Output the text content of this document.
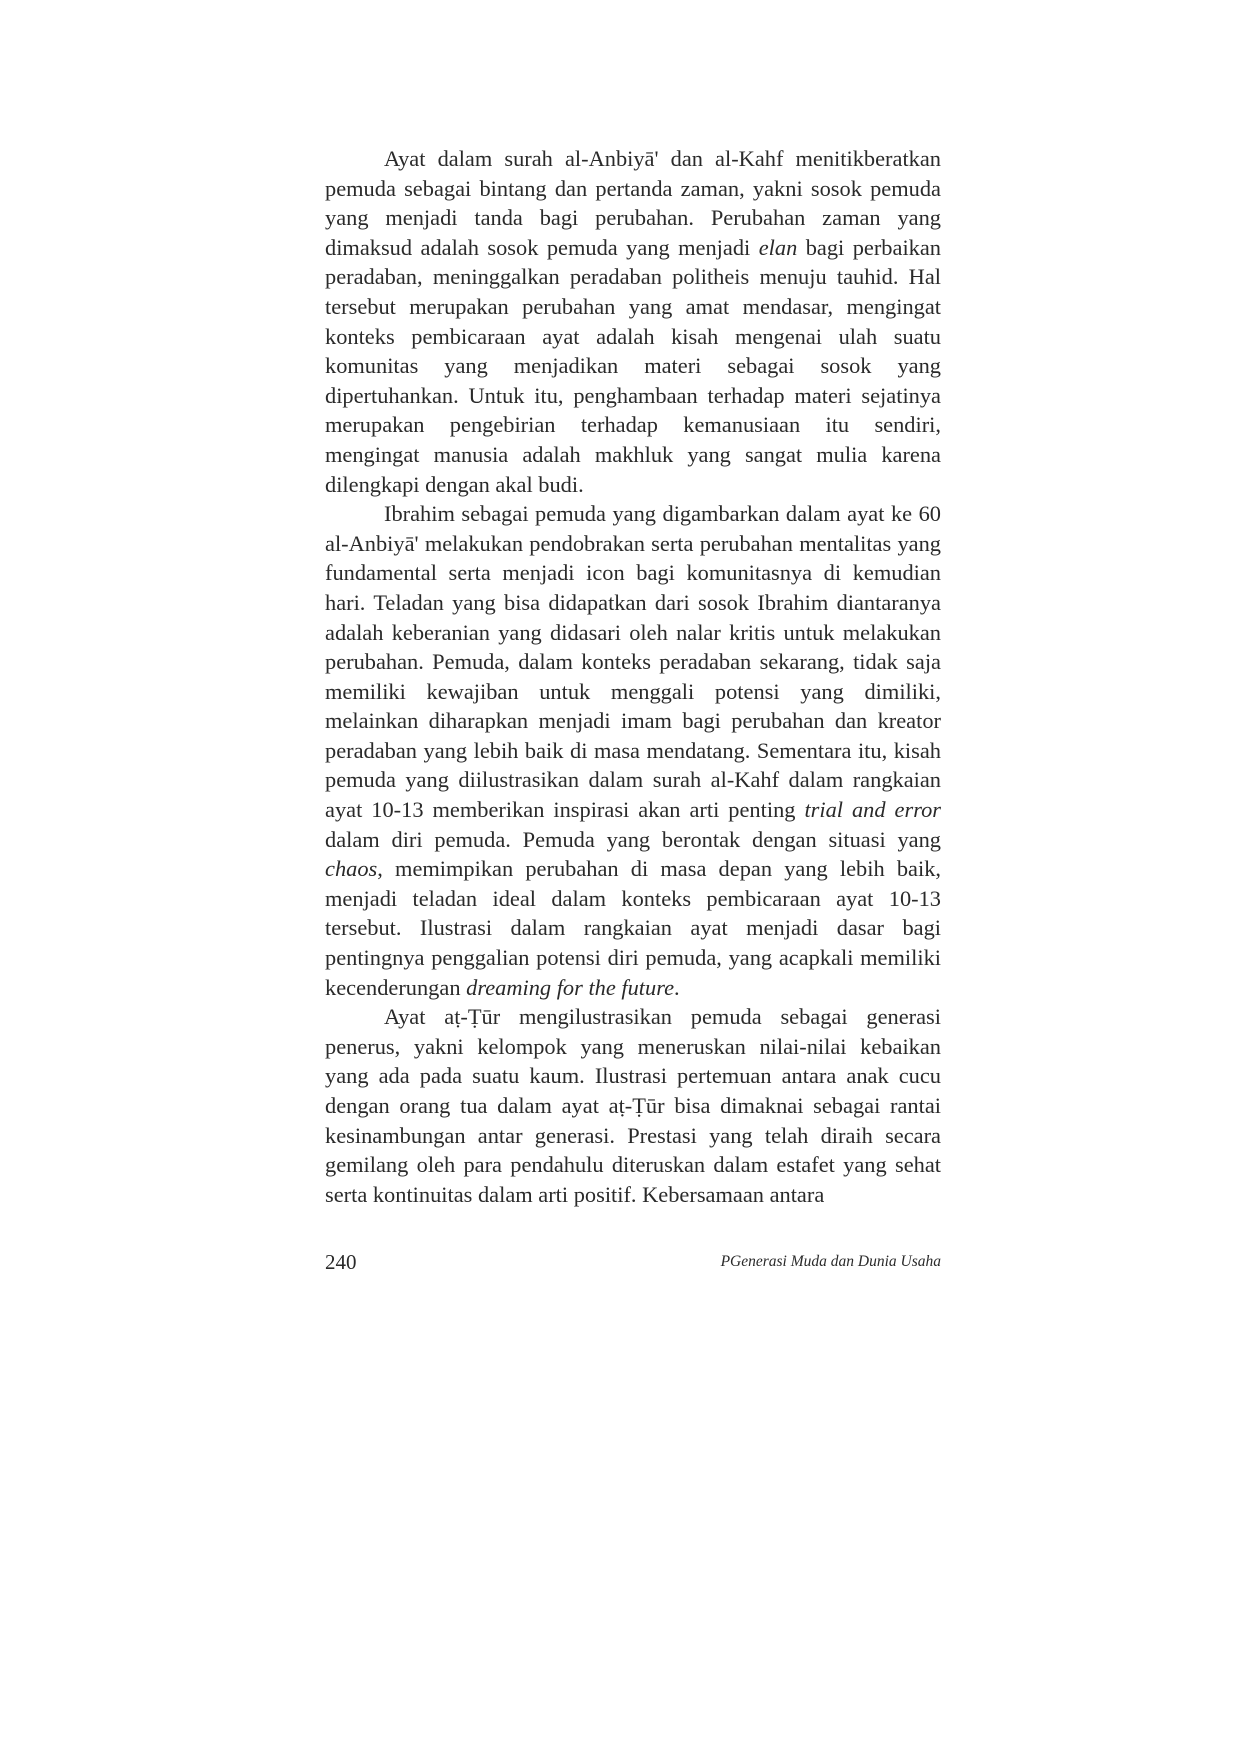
Ayat dalam surah al-Anbiyā' dan al-Kahf menitikberatkan pemuda sebagai bintang dan pertanda zaman, yakni sosok pemuda yang menjadi tanda bagi perubahan. Perubahan zaman yang dimaksud adalah sosok pemuda yang menjadi elan bagi perbaikan peradaban, meninggalkan peradaban politheis menuju tauhid. Hal tersebut merupakan perubahan yang amat mendasar, mengingat konteks pembicaraan ayat adalah kisah mengenai ulah suatu komunitas yang menjadikan materi sebagai sosok yang dipertuhankan. Untuk itu, penghambaan terhadap materi sejatinya merupakan pengebirian terhadap kemanusiaan itu sendiri, mengingat manusia adalah makhluk yang sangat mulia karena dilengkapi dengan akal budi.

Ibrahim sebagai pemuda yang digambarkan dalam ayat ke 60 al-Anbiyā' melakukan pendobrakan serta perubahan mentalitas yang fundamental serta menjadi icon bagi komunitasnya di kemudian hari. Teladan yang bisa didapatkan dari sosok Ibrahim diantaranya adalah keberanian yang didasari oleh nalar kritis untuk melakukan perubahan. Pemuda, dalam konteks peradaban sekarang, tidak saja memiliki kewajiban untuk menggali potensi yang dimiliki, melainkan diharapkan menjadi imam bagi perubahan dan kreator peradaban yang lebih baik di masa mendatang. Sementara itu, kisah pemuda yang diilustrasikan dalam surah al-Kahf dalam rangkaian ayat 10-13 memberikan inspirasi akan arti penting trial and error dalam diri pemuda. Pemuda yang berontak dengan situasi yang chaos, memimpikan perubahan di masa depan yang lebih baik, menjadi teladan ideal dalam konteks pembicaraan ayat 10-13 tersebut. Ilustrasi dalam rangkaian ayat menjadi dasar bagi pentingnya penggalian potensi diri pemuda, yang acapkali memiliki kecenderungan dreaming for the future.

Ayat aṭ-Ṭūr mengilustrasikan pemuda sebagai generasi penerus, yakni kelompok yang meneruskan nilai-nilai kebaikan yang ada pada suatu kaum. Ilustrasi pertemuan antara anak cucu dengan orang tua dalam ayat aṭ-Ṭūr bisa dimaknai sebagai rantai kesinambungan antar generasi. Prestasi yang telah diraih secara gemilang oleh para pendahulu diteruskan dalam estafet yang sehat serta kontinuitas dalam arti positif. Kebersamaan antara

240	PGenerasi Muda dan Dunia Usaha
